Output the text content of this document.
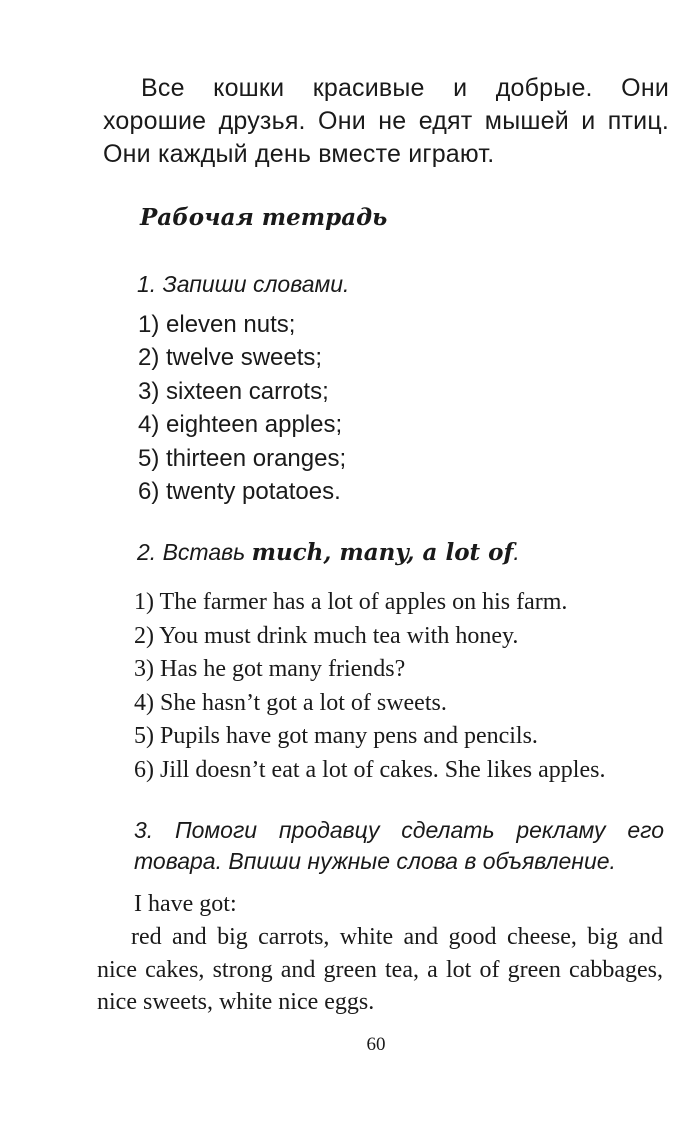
Все кошки красивые и добрые. Они хорошие друзья. Они не едят мышей и птиц. Они каждый день вместе играют.

Рабочая тетрадь

1. Запиши словами.

1) eleven nuts;
2) twelve sweets;
3) sixteen carrots;
4) eighteen apples;
5) thirteen oranges;
6) twenty potatoes.

2. Вставь much, many, a lot of.

1) The farmer has a lot of apples on his farm.
2) You must drink much tea with honey.
3) Has he got many friends?
4) She hasn’t got a lot of sweets.
5) Pupils have got many pens and pencils.
6) Jill doesn’t eat a lot of cakes. She likes apples.

3. Помоги продавцу сделать рекламу его товара. Впиши нужные слова в объявление.

I have got:

red and big carrots, white and good cheese, big and nice cakes, strong and green tea, a lot of green cabbages, nice sweets, white nice eggs.

60
